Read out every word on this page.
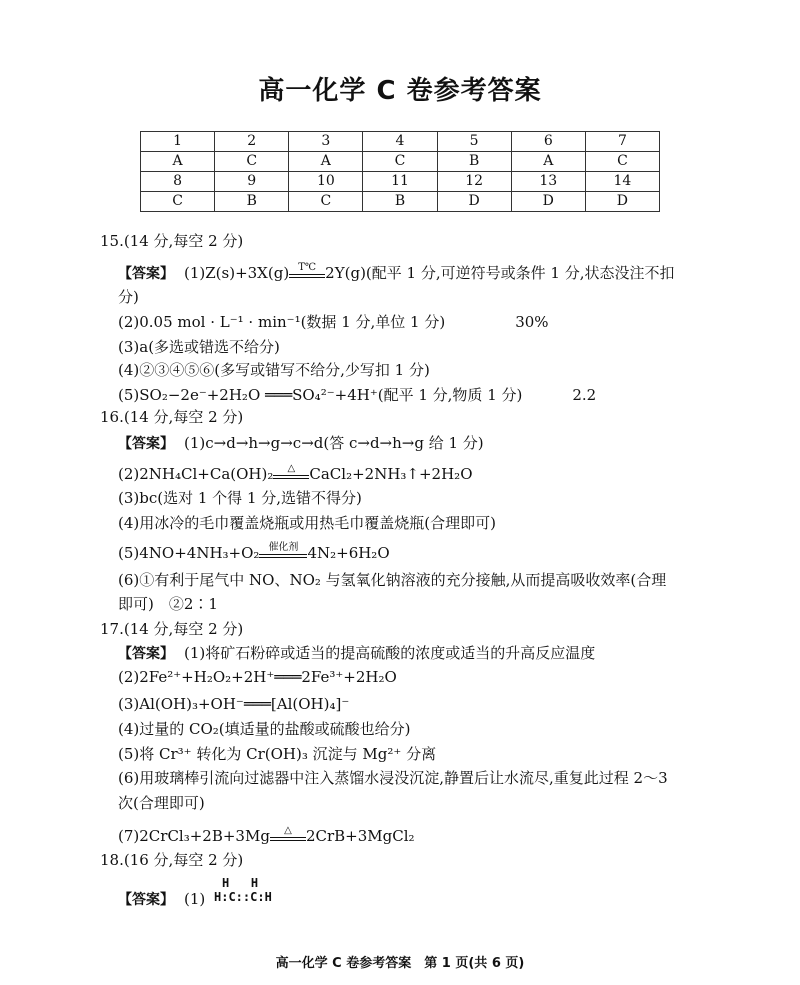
高一化学 C 卷参考答案
1	2	3	4	5	6	7
A	C	A	C	B	A	C
8	9	10	11	12	13	14
C	B	C	B	D	D	D
15.(14 分,每空 2 分)
【答案】 (1)Z(s)+3X(g) T℃ 2Y(g)(配平 1 分,可逆符号或条件 1 分,状态没注不扣
分)
(2)0.05 mol · L⁻¹ · min⁻¹(数据 1 分,单位 1 分)	30%
(3)a(多选或错选不给分)
(4)②③④⑤⑥(多写或错写不给分,少写扣 1 分)
(5)SO₂−2e⁻+2H₂O ═══SO₄²⁻+4H⁺(配平 1 分,物质 1 分)	2.2
16.(14 分,每空 2 分)
【答案】 (1)c→d→h→g→c→d(答 c→d→h→g 给 1 分)
(2)2NH₄Cl+Ca(OH)₂	△ CaCl₂+2NH₃↑+2H₂O
(3)bc(选对 1 个得 1 分,选错不得分)
(4)用冰冷的毛巾覆盖烧瓶或用热毛巾覆盖烧瓶(合理即可)
(5)4NO+4NH₃+O₂ 催化剂 4N₂+6H₂O
(6)①有利于尾气中 NO、NO₂ 与氢氧化钠溶液的充分接触,从而提高吸收效率(合理
即可)　②2∶1
17.(14 分,每空 2 分)
【答案】 (1)将矿石粉碎或适当的提高硫酸的浓度或适当的升高反应温度
(2)2Fe²⁺+H₂O₂+2H⁺═══2Fe³⁺+2H₂O
(3)Al(OH)₃+OH⁻═══[Al(OH)₄]⁻
(4)过量的 CO₂(填适量的盐酸或硫酸也给分)
(5)将 Cr³⁺ 转化为 Cr(OH)₃ 沉淀与 Mg²⁺ 分离
(6)用玻璃棒引流向过滤器中注入蒸馏水浸没沉淀,静置后让水流尽,重复此过程 2～3
次(合理即可)
(7)2CrCl₃+2B+3Mg	△ 2CrB+3MgCl₂
18.(16 分,每空 2 分)
【答案】 (1)
H   H
H:C::C:H
高一化学 C 卷参考答案　第 1 页(共 6 页)
